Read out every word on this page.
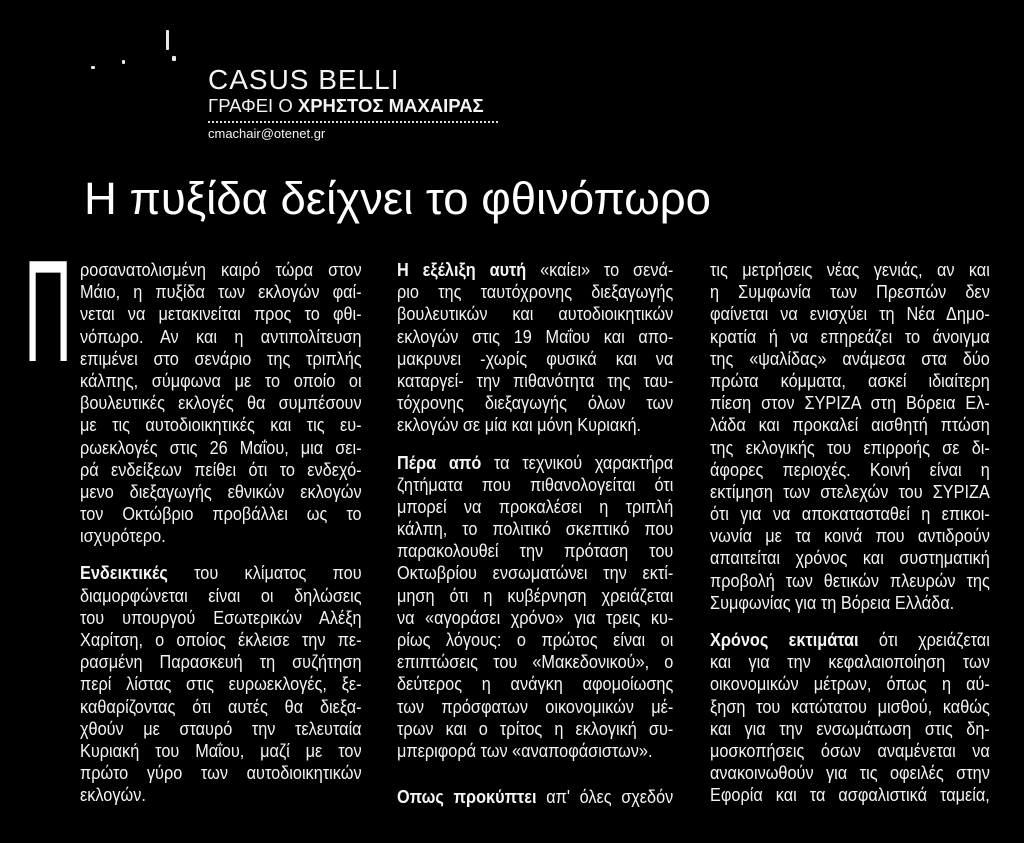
CASUS BELLI
ΓΡΑΦΕΙ Ο ΧΡΗΣΤΟΣ ΜΑΧΑΙΡΑΣ
cmachair@otenet.gr
Η πυξίδα δείχνει το φθινόπωρο
Π ροσανατολισμένη καιρό τώρα στον
Μάιο, η πυξίδα των εκλογών φαί-
νεται να μετακινείται προς το φθι-
νόπωρο. Αν και η αντιπολίτευση
επιμένει στο σενάριο της τριπλής
κάλπης, σύμφωνα με το οποίο οι
βουλευτικές εκλογές θα συμπέσουν
με τις αυτοδιοικητικές και τις ευ-
ρωεκλογές στις 26 Μαΐου, μια σει-
ρά ενδείξεων πείθει ότι το ενδεχό-
μενο διεξαγωγής εθνικών εκλογών
τον Οκτώβριο προβάλλει ως το
ισχυρότερο.
Ενδεικτικές του κλίματος που
διαμορφώνεται είναι οι δηλώσεις
του υπουργού Εσωτερικών Αλέξη
Χαρίτση, ο οποίος έκλεισε την πε-
ρασμένη Παρασκευή τη συζήτηση
περί λίστας στις ευρωεκλογές, ξε-
καθαρίζοντας ότι αυτές θα διεξα-
χθούν με σταυρό την τελευταία
Κυριακή του Μαΐου, μαζί με τον
πρώτο γύρο των αυτοδιοικητικών
εκλογών.
Η εξέλιξη αυτή «καίει» το σενά-
ριο της ταυτόχρονης διεξαγωγής
βουλευτικών και αυτοδιοικητικών
εκλογών στις 19 Μαΐου και απο-
μακρυνει -χωρίς φυσικά και να
καταργεί- την πιθανότητα της ταυ-
τόχρονης διεξαγωγής όλων των
εκλογών σε μία και μόνη Κυριακή.
Πέρα από τα τεχνικού χαρακτήρα
ζητήματα που πιθανολογείται ότι
μπορεί να προκαλέσει η τριπλή
κάλπη, το πολιτικό σκεπτικό που
παρακολουθεί την πρόταση του
Οκτωβρίου ενσωματώνει την εκτί-
μηση ότι η κυβέρνηση χρειάζεται
να «αγοράσει χρόνο» για τρεις κυ-
ρίως λόγους: ο πρώτος είναι οι
επιπτώσεις του «Μακεδονικού», ο
δεύτερος η ανάγκη αφομοίωσης
των πρόσφατων οικονομικών μέ-
τρων και ο τρίτος η εκλογική συ-
μπεριφορά των «αναποφάσιστων».
Οπως προκύπτει απ' όλες σχεδόν
τις μετρήσεις νέας γενιάς, αν και
η Συμφωνία των Πρεσπών δεν
φαίνεται να ενισχύει τη Νέα Δημο-
κρατία ή να επηρεάζει το άνοιγμα
της «ψαλίδας» ανάμεσα στα δύο
πρώτα κόμματα, ασκεί ιδιαίτερη
πίεση στον ΣΥΡΙΖΑ στη Βόρεια Ελ-
λάδα και προκαλεί αισθητή πτώση
της εκλογικής του επιρροής σε δι-
άφορες περιοχές. Κοινή είναι η
εκτίμηση των στελεχών του ΣΥΡΙΖΑ
ότι για να αποκατασταθεί η επικοι-
νωνία με τα κοινά που αντιδρούν
απαιτείται χρόνος και συστηματική
προβολή των θετικών πλευρών της
Συμφωνίας για τη Βόρεια Ελλάδα.
Χρόνος εκτιμάται ότι χρειάζεται
και για την κεφαλαιοποίηση των
οικονομικών μέτρων, όπως η αύ-
ξηση του κατώτατου μισθού, καθώς
και για την ενσωμάτωση στις δη-
μοσκοπήσεις όσων αναμένεται να
ανακοινωθούν για τις οφειλές στην
Εφορία και τα ασφαλιστικά ταμεία,
